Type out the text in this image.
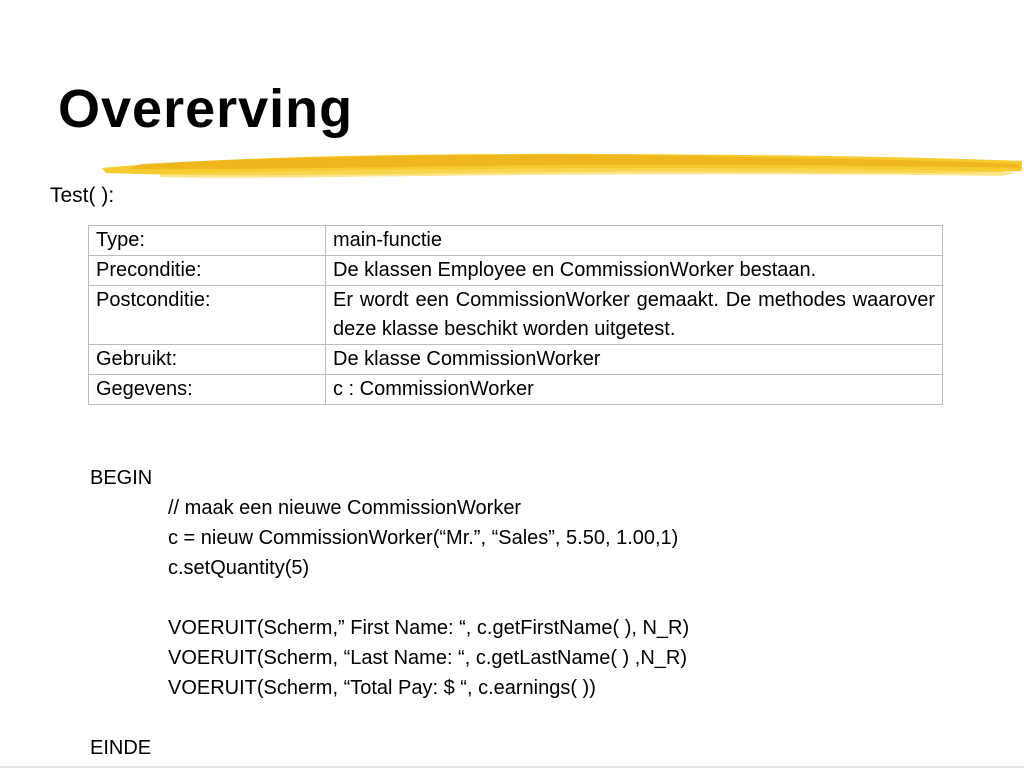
Overerving
Test( ):
Type:	main-functie
Preconditie:	De klassen Employee en CommissionWorker bestaan.
Postconditie:	Er wordt een CommissionWorker gemaakt. De methodes waarover deze klasse beschikt worden uitgetest.
Gebruikt:	De klasse CommissionWorker
Gegevens:	c : CommissionWorker
BEGIN
// maak een nieuwe CommissionWorker
c = nieuw CommissionWorker(“Mr.”, “Sales”, 5.50, 1.00,1)
c.setQuantity(5)
VOERUIT(Scherm,” First Name: “, c.getFirstName( ), N_R)
VOERUIT(Scherm, “Last Name: “, c.getLastName( ) ,N_R)
VOERUIT(Scherm, “Total Pay: $ “, c.earnings( ))
EINDE
